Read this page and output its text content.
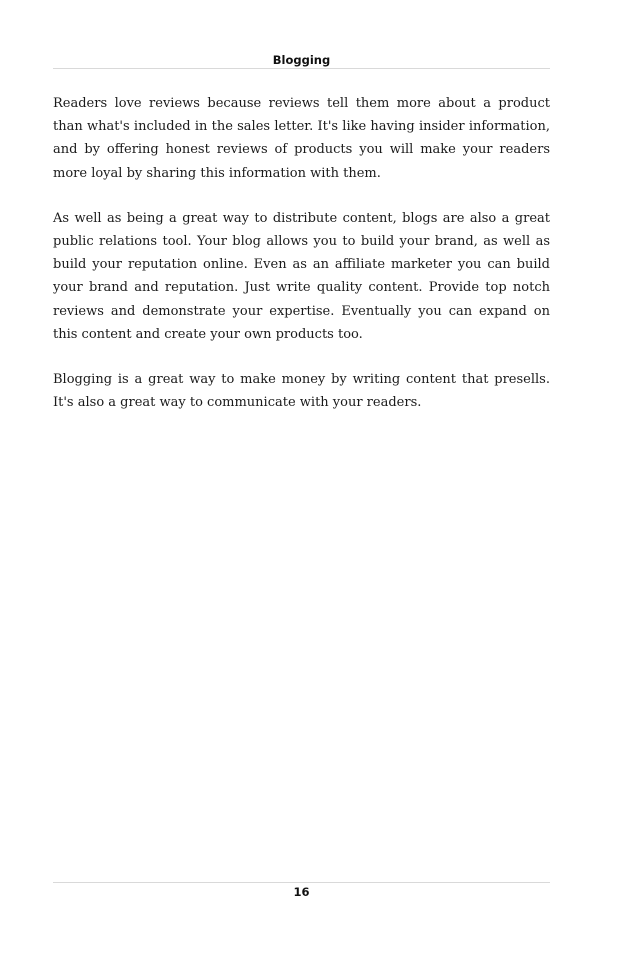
Blogging

Readers love reviews because reviews tell them more about a product than what's included in the sales letter. It's like having insider information, and by offering honest reviews of products you will make your readers more loyal by sharing this information with them.

As well as being a great way to distribute content, blogs are also a great public relations tool. Your blog allows you to build your brand, as well as build your reputation online. Even as an affiliate marketer you can build your brand and reputation. Just write quality content. Provide top notch reviews and demonstrate your expertise. Eventually you can expand on this content and create your own products too.

Blogging is a great way to make money by writing content that presells. It's also a great way to communicate with your readers.

16
